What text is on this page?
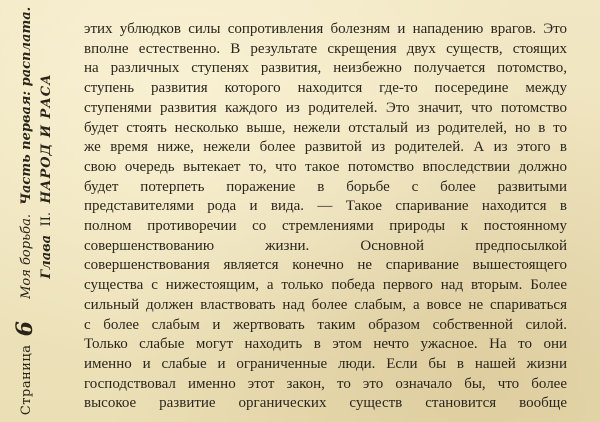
Страница 6 Моя борьба. Часть первая: расплата.
Глава II. НАРОД И РАСА
этих ублюдков силы сопротивления болезням и нападению врагов. Это
вполне естественно. В результате скрещения двух существ, стоящих
на различных ступенях развития, неизбежно получается потомство,
ступень развития которого находится где-то посередине между
ступенями развития каждого из родителей. Это значит, что потомство
будет стоять несколько выше, нежели отсталый из родителей, но в то
же время ниже, нежели более развитой из родителей. А из этого в
свою очередь вытекает то, что такое потомство впоследствии должно
будет потерпеть поражение в борьбе с более развитыми
представителями рода и вида. — Такое спаривание находится в
полном противоречии со стремлениями природы к постоянному
совершенствованию жизни. Основной предпосылкой
совершенствования является конечно не спаривание вышестоящего
существа с нижестоящим, а только победа первого над вторым. Более
сильный должен властвовать над более слабым, а вовсе не спариваться
с более слабым и жертвовать таким образом собственной силой.
Только слабые могут находить в этом нечто ужасное. На то они
именно и слабые и ограниченные люди. Если бы в нашей жизни
господствовал именно этот закон, то это означало бы, что более
высокое развитие органических существ становится вообще
